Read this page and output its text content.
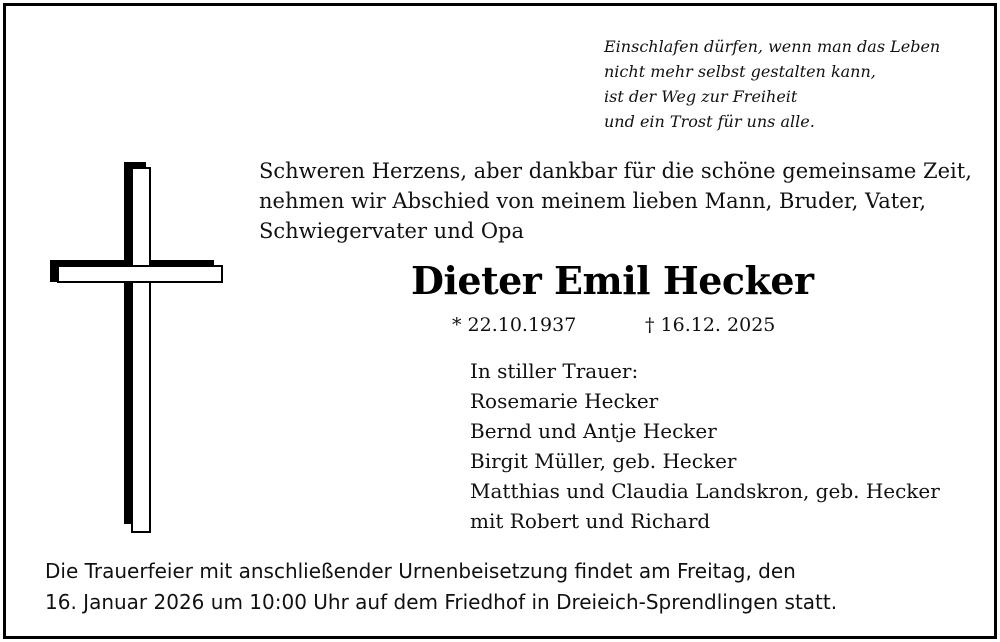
Einschlafen dürfen, wenn man das Leben
nicht mehr selbst gestalten kann,
ist der Weg zur Freiheit
und ein Trost für uns alle.
Schweren Herzens, aber dankbar für die schöne gemeinsame Zeit,
nehmen wir Abschied von meinem lieben Mann, Bruder, Vater,
Schwiegervater und Opa
Dieter Emil Hecker
* 22.10.1937	† 16.12. 2025
In stiller Trauer:
Rosemarie Hecker
Bernd und Antje Hecker
Birgit Müller, geb. Hecker
Matthias und Claudia Landskron, geb. Hecker
mit Robert und Richard
Die Trauerfeier mit anschließender Urnenbeisetzung findet am Freitag, den
16. Januar 2026 um 10:00 Uhr auf dem Friedhof in Dreieich-Sprendlingen statt.
